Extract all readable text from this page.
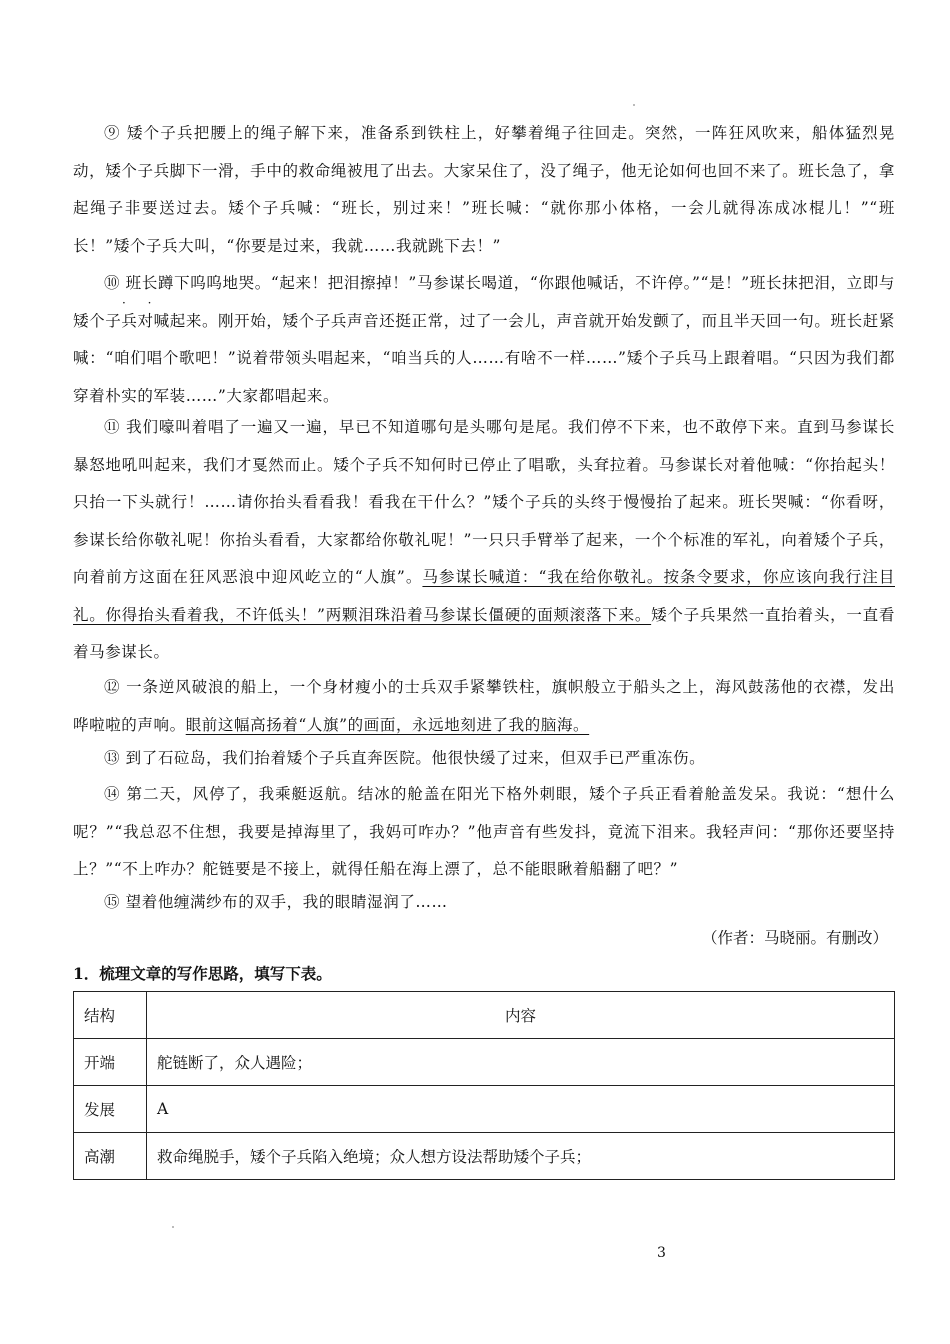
⑨ 矮个子兵把腰上的绳子解下来，准备系到铁柱上，好攀着绳子往回走。突然，一阵狂风吹来，船体猛烈晃动，矮个子兵脚下一滑，手中的救命绳被甩了出去。大家呆住了，没了绳子，他无论如何也回不来了。班长急了，拿起绳子非要送过去。矮个子兵喊：“班长，别过来！”班长喊：“就你那小体格，一会儿就得冻成冰棍儿！”“班长！”矮个子兵大叫，“你要是过来，我就……我就跳下去！”

⑩ 班长蹲下呜呜地哭。“起来！把泪擦掉！”马参谋长喝道，“你跟他喊话，不许停。”“是！”班长抹把泪，立即与矮个子兵对喊起来。刚开始，矮个子兵声音还挺正常，过了一会儿，声音就开始发颤了，而且半天回一句。班长赶紧喊：“咱们唱个歌吧！”说着带领头唱起来，“咱当兵的人……有啥不一样……”矮个子兵马上跟着唱。“只因为我们都穿着朴实的军装……”大家都唱起来。

· ·

⑪ 我们嚎叫着唱了一遍又一遍，早已不知道哪句是头哪句是尾。我们停不下来，也不敢停下来。直到马参谋长暴怒地吼叫起来，我们才戛然而止。矮个子兵不知何时已停止了唱歌，头耷拉着。马参谋长对着他喊：“你抬起头！只抬一下头就行！……请你抬头看看我！看我在干什么？”矮个子兵的头终于慢慢抬了起来。班长哭喊：“你看呀，参谋长给你敬礼呢！你抬头看看，大家都给你敬礼呢！”一只只手臂举了起来，一个个标准的军礼，向着矮个子兵，向着前方这面在狂风恶浪中迎风屹立的“人旗”。马参谋长喊道：“我在给你敬礼。按条令要求，你应该向我行注目礼。你得抬头看着我，不许低头！”两颗泪珠沿着马参谋长僵硬的面颊滚落下来。矮个子兵果然一直抬着头，一直看着马参谋长。

⑫ 一条逆风破浪的船上，一个身材瘦小的士兵双手紧攀铁柱，旗帜般立于船头之上，海风鼓荡他的衣襟，发出哗啦啦的声响。眼前这幅高扬着“人旗”的画面，永远地刻进了我的脑海。

⑬ 到了石砬岛，我们抬着矮个子兵直奔医院。他很快缓了过来，但双手已严重冻伤。

⑭ 第二天，风停了，我乘艇返航。结冰的舱盖在阳光下格外刺眼，矮个子兵正看着舱盖发呆。我说：“想什么呢？”“我总忍不住想，我要是掉海里了，我妈可咋办？”他声音有些发抖，竟流下泪来。我轻声问：“那你还要坚持上？”“不上咋办？舵链要是不接上，就得任船在海上漂了，总不能眼瞅着船翻了吧？”

⑮ 望着他缠满纱布的双手，我的眼睛湿润了……

（作者：马晓丽。有删改）
1．梳理文章的写作思路，填写下表。
结构	内容
开端	舵链断了，众人遇险；
发展	A
高潮	救命绳脱手，矮个子兵陷入绝境；众人想方设法帮助矮个子兵；
3
